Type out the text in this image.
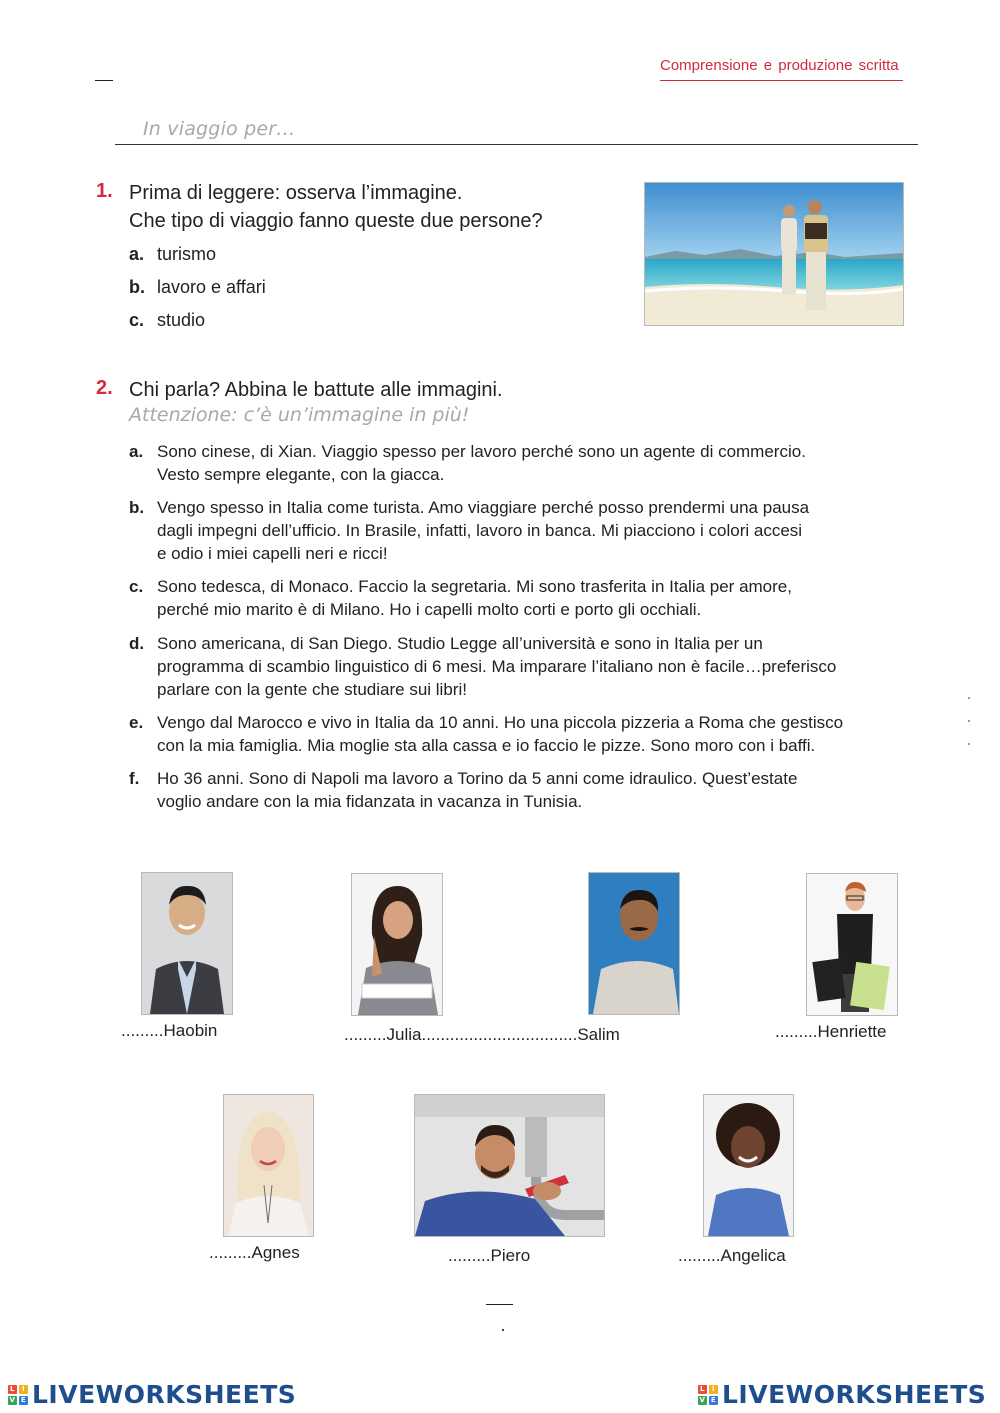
Comprensione e produzione scritta
In viaggio per…
1. Prima di leggere: osserva l’immagine.
Che tipo di viaggio fanno queste due persone?
a. turismo
b. lavoro e affari
c. studio
2. Chi parla? Abbina le battute alle immagini.
Attenzione: c’è un’immagine in più!
a. Sono cinese, di Xian. Viaggio spesso per lavoro perché sono un agente di commercio.
Vesto sempre elegante, con la giacca.
b. Vengo spesso in Italia come turista. Amo viaggiare perché posso prendermi una pausa
dagli impegni dell’ufficio. In Brasile, infatti, lavoro in banca. Mi piacciono i colori accesi
e odio i miei capelli neri e ricci!
c. Sono tedesca, di Monaco. Faccio la segretaria. Mi sono trasferita in Italia per amore,
perché mio marito è di Milano. Ho i capelli molto corti e porto gli occhiali.
d. Sono americana, di San Diego. Studio Legge all’università e sono in Italia per un
programma di scambio linguistico di 6 mesi. Ma imparare l’italiano non è facile…preferisco
parlare con la gente che studiare sui libri!
e. Vengo dal Marocco e vivo in Italia da 10 anni. Ho una piccola pizzeria a Roma che gestisco
con la mia famiglia. Mia moglie sta alla cassa e io faccio le pizze. Sono moro con i baffi.
f. Ho 36 anni. Sono di Napoli ma lavoro a Torino da 5 anni come idraulico. Quest’estate
voglio andare con la mia fidanzata in vacanza in Tunisia.
.........Haobin	.........Julia.................................Salim	.........Henriette
.........Agnes	.........Piero	.........Angelica
L I
V E LIVEWORKSHEETS	L I
V E LIVEWORKSHEETS
